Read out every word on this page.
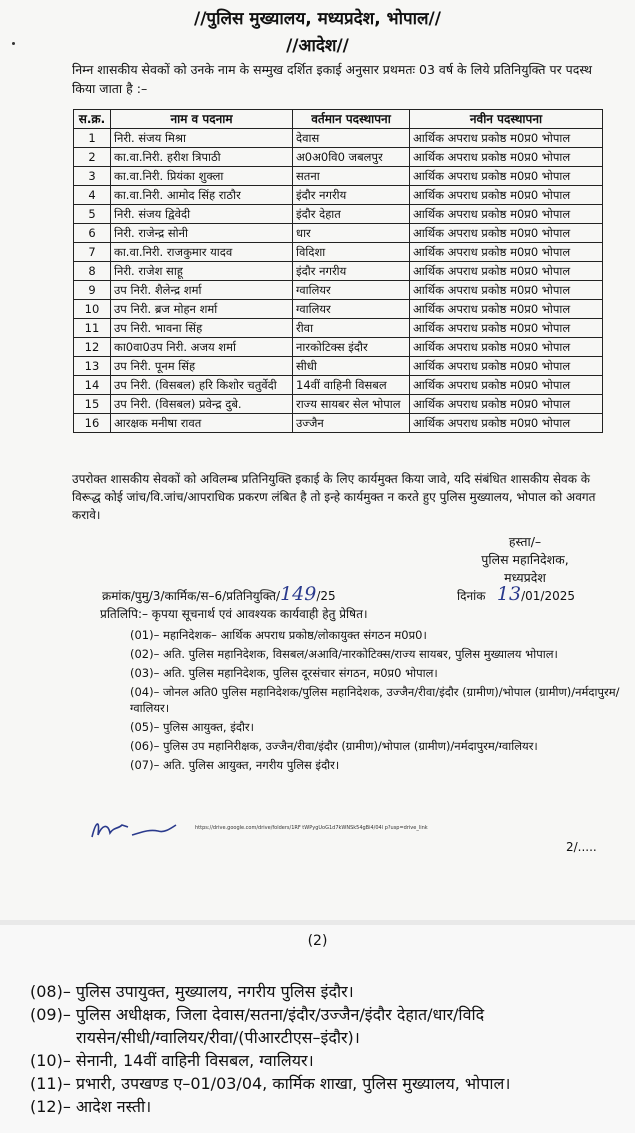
//पुलिस मुख्यालय, मध्यप्रदेश, भोपाल//
//आदेश//
निम्न शासकीय सेवकों को उनके नाम के सम्मुख दर्शित इकाई अनुसार प्रथमतः 03 वर्ष के लिये प्रतिनियुक्ति पर पदस्थ किया जाता है :–
स.क्र.	नाम व पदनाम	वर्तमान पदस्थापना	नवीन पदस्थापना
1	निरी. संजय मिश्रा	देवास	आर्थिक अपराध प्रकोष्ठ म0प्र0 भोपाल
2	का.वा.निरी. हरीश त्रिपाठी	अ0अ0वि0 जबलपुर	आर्थिक अपराध प्रकोष्ठ म0प्र0 भोपाल
3	का.वा.निरी. प्रियंका शुक्ला	सतना	आर्थिक अपराध प्रकोष्ठ म0प्र0 भोपाल
4	का.वा.निरी. आमोद सिंह राठौर	इंदौर नगरीय	आर्थिक अपराध प्रकोष्ठ म0प्र0 भोपाल
5	निरी. संजय द्विवेदी	इंदौर देहात	आर्थिक अपराध प्रकोष्ठ म0प्र0 भोपाल
6	निरी. राजेन्द्र सोनी	धार	आर्थिक अपराध प्रकोष्ठ म0प्र0 भोपाल
7	का.वा.निरी. राजकुमार यादव	विदिशा	आर्थिक अपराध प्रकोष्ठ म0प्र0 भोपाल
8	निरी. राजेश साहू	इंदौर नगरीय	आर्थिक अपराध प्रकोष्ठ म0प्र0 भोपाल
9	उप निरी. शैलेन्द्र शर्मा	ग्वालियर	आर्थिक अपराध प्रकोष्ठ म0प्र0 भोपाल
10	उप निरी. ब्रज मोहन शर्मा	ग्वालियर	आर्थिक अपराध प्रकोष्ठ म0प्र0 भोपाल
11	उप निरी. भावना सिंह	रीवा	आर्थिक अपराध प्रकोष्ठ म0प्र0 भोपाल
12	का0वा0उप निरी. अजय शर्मा	नारकोटिक्स इंदौर	आर्थिक अपराध प्रकोष्ठ म0प्र0 भोपाल
13	उप निरी. पूनम सिंह	सीधी	आर्थिक अपराध प्रकोष्ठ म0प्र0 भोपाल
14	उप निरी. (विसबल) हरि किशोर चतुर्वेदी	14वीं वाहिनी विसबल	आर्थिक अपराध प्रकोष्ठ म0प्र0 भोपाल
15	उप निरी. (विसबल) प्रवेन्द्र दुबे.	राज्य सायबर सेल भोपाल	आर्थिक अपराध प्रकोष्ठ म0प्र0 भोपाल
16	आरक्षक मनीषा रावत	उज्जैन	आर्थिक अपराध प्रकोष्ठ म0प्र0 भोपाल
उपरोक्त शासकीय सेवकों को अविलम्ब प्रतिनियुक्ति इकाई के लिए कार्यमुक्त किया जावे, यदि संबंधित शासकीय सेवक के विरूद्ध कोई जांच/वि.जांच/आपराधिक प्रकरण लंबित है तो इन्हे कार्यमुक्त न करते हुए पुलिस मुख्यालय, भोपाल को अवगत करावे।
हस्ता/–
पुलिस महानिदेशक,
मध्यप्रदेश
क्रमांक/पुमु/3/कार्मिक/स–6/प्रतिनियुक्ति/149/25	दिनांक 13/01/2025
प्रतिलिपि:– कृपया सूचनार्थ एवं आवश्यक कार्यवाही हेतु प्रेषित।
(01)– महानिदेशक– आर्थिक अपराध प्रकोष्ठ/लोकायुक्त संगठन म0प्र0।
(02)– अति. पुलिस महानिदेशक, विसबल/अआवि/नारकोटिक्स/राज्य सायबर, पुलिस मुख्यालय भोपाल।
(03)– अति. पुलिस महानिदेशक, पुलिस दूरसंचार संगठन, म0प्र0 भोपाल।
(04)– जोनल अति0 पुलिस महानिदेशक/पुलिस महानिदेशक, उज्जैन/रीवा/इंदौर (ग्रामीण)/भोपाल (ग्रामीण)/नर्मदापुरम/ग्वालियर।
(05)– पुलिस आयुक्त, इंदौर।
(06)– पुलिस उप महानिरीक्षक, उज्जैन/रीवा/इंदौर (ग्रामीण)/भोपाल (ग्रामीण)/नर्मदापुरम/ग्वालियर।
(07)– अति. पुलिस आयुक्त, नगरीय पुलिस इंदौर।
https://drive.google.com/drive/folders/1RF tWPygUoG1d7kWNSk54gBi4/04l p?usp=drive_link
2/.....
(2)
(08)– पुलिस उपायुक्त, मुख्यालय, नगरीय पुलिस इंदौर।
(09)– पुलिस अधीक्षक, जिला देवास/सतना/इंदौर/उज्जैन/इंदौर देहात/धार/विदि
रायसेन/सीधी/ग्वालियर/रीवा/(पीआरटीएस–इंदौर)।
(10)– सेनानी, 14वीं वाहिनी विसबल, ग्वालियर।
(11)– प्रभारी, उपखण्ड ए–01/03/04, कार्मिक शाखा, पुलिस मुख्यालय, भोपाल।
(12)– आदेश नस्ती।
